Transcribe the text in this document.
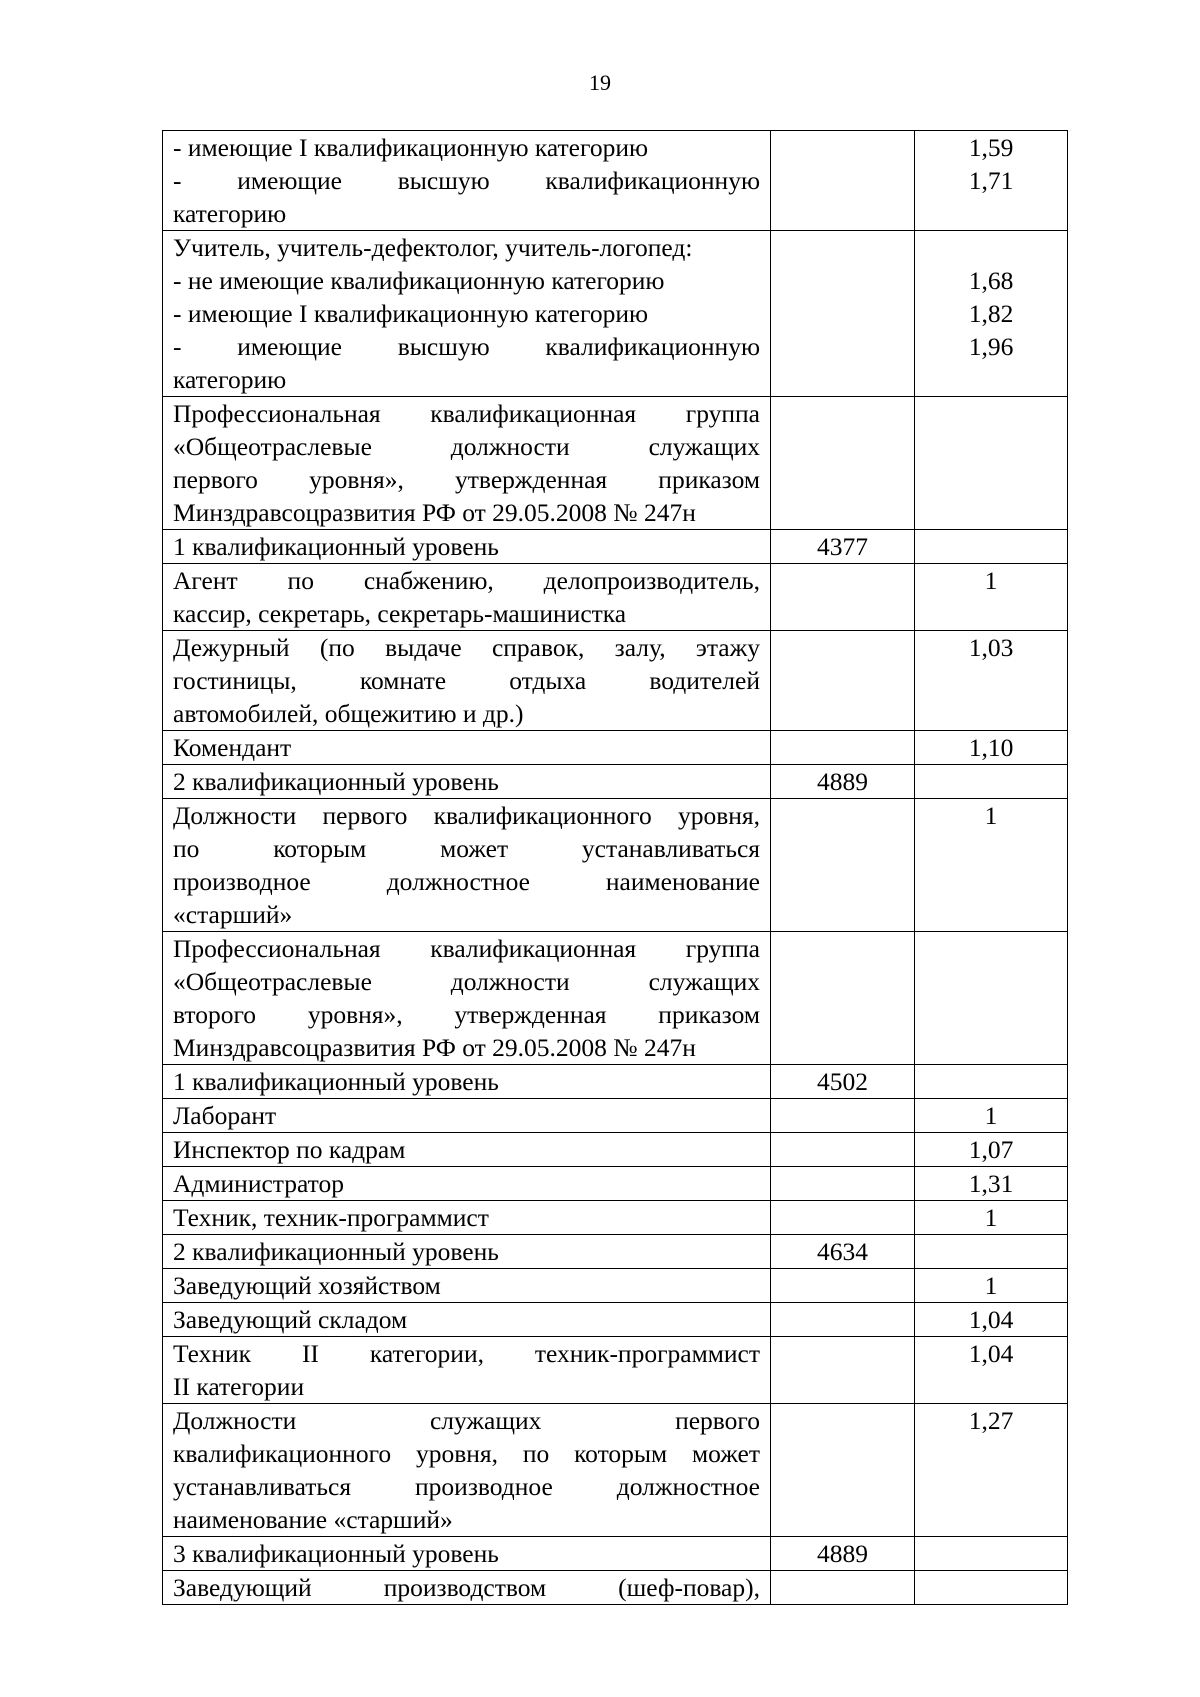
19
- имеющие I квалификационную категорию
- имеющие высшую квалификационную
категорию		1,59
1,71

Учитель, учитель-дефектолог, учитель-логопед:
- не имеющие квалификационную категорию
- имеющие I квалификационную категорию
- имеющие высшую квалификационную
категорию		1,68
1,82
1,96

Профессиональная квалификационная группа
«Общеотраслевые должности служащих
первого уровня», утвержденная приказом
Минздравсоцразвития РФ от 29.05.2008 № 247н		

1 квалификационный уровень	4377	

Агент по снабжению, делопроизводитель,
кассир, секретарь, секретарь-машинистка		1

Дежурный (по выдаче справок, залу, этажу
гостиницы, комнате отдыха водителей
автомобилей, общежитию и др.)		1,03

Комендант		1,10

2 квалификационный уровень	4889	

Должности первого квалификационного уровня,
по которым может устанавливаться
производное должностное наименование
«старший»		1

Профессиональная квалификационная группа
«Общеотраслевые должности служащих
второго уровня», утвержденная приказом
Минздравсоцразвития РФ от 29.05.2008 № 247н		

1 квалификационный уровень	4502	

Лаборант		1

Инспектор по кадрам		1,07

Администратор		1,31

Техник, техник-программист		1

2 квалификационный уровень	4634	

Заведующий хозяйством		1

Заведующий складом		1,04

Техник II категории, техник-программист
II категории		1,04

Должности служащих первого
квалификационного уровня, по которым может
устанавливаться производное должностное
наименование «старший»		1,27

3 квалификационный уровень	4889	

Заведующий производством (шеф-повар),		
